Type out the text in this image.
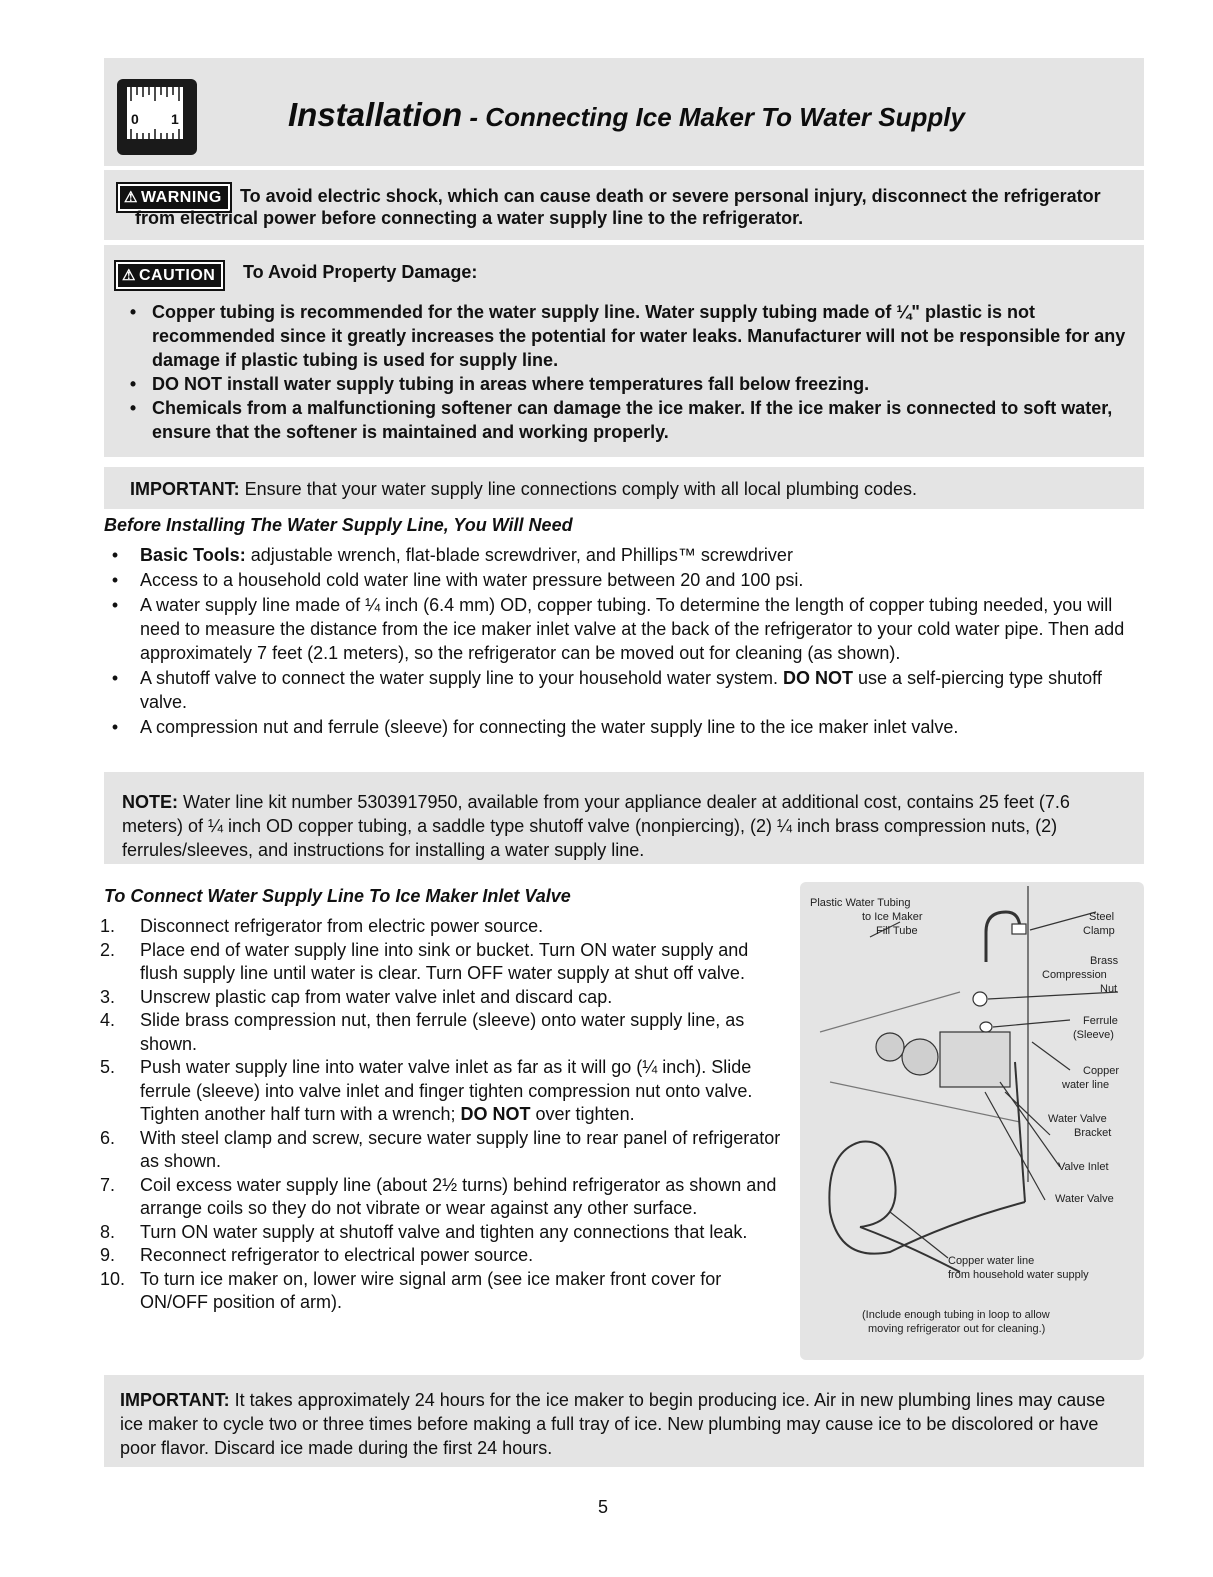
0 1	Installation - Connecting Ice Maker To Water Supply
⚠ WARNING	To avoid electric shock, which can cause death or severe personal injury, disconnect the refrigerator
from electrical power before connecting a water supply line to the refrigerator.
⚠ CAUTION	To Avoid Property Damage:
• Copper tubing is recommended for the water supply line. Water supply tubing made of ¼" plastic is not recommended since it greatly increases the potential for water leaks. Manufacturer will not be responsible for any damage if plastic tubing is used for supply line.
• DO NOT install water supply tubing in areas where temperatures fall below freezing.
• Chemicals from a malfunctioning softener can damage the ice maker. If the ice maker is connected to soft water, ensure that the softener is maintained and working properly.
IMPORTANT: Ensure that your water supply line connections comply with all local plumbing codes.
Before Installing The Water Supply Line, You Will Need
•	Basic Tools: adjustable wrench, flat-blade screwdriver, and Phillips™ screwdriver
•	Access to a household cold water line with water pressure between 20 and 100 psi.
•	A water supply line made of ¼ inch (6.4 mm) OD, copper tubing. To determine the length of copper tubing needed, you will need to measure the distance from the ice maker inlet valve at the back of the refrigerator to your cold water pipe. Then add approximately 7 feet (2.1 meters), so the refrigerator can be moved out for cleaning (as shown).
•	A shutoff valve to connect the water supply line to your household water system. DO NOT use a self-piercing type shutoff valve.
•	A compression nut and ferrule (sleeve) for connecting the water supply line to the ice maker inlet valve.
NOTE: Water line kit number 5303917950, available from your appliance dealer at additional cost, contains 25 feet (7.6 meters) of ¼ inch OD copper tubing, a saddle type shutoff valve (nonpiercing), (2) ¼ inch brass compression nuts, (2) ferrules/sleeves, and instructions for installing a water supply line.
To Connect Water Supply Line To Ice Maker Inlet Valve
1.	Disconnect refrigerator from electric power source.
2.	Place end of water supply line into sink or bucket. Turn ON water supply and flush supply line until water is clear. Turn OFF water supply at shut off valve.
3.	Unscrew plastic cap from water valve inlet and discard cap.
4.	Slide brass compression nut, then ferrule (sleeve) onto water supply line, as shown.
5.	Push water supply line into water valve inlet as far as it will go (¼ inch). Slide ferrule (sleeve) into valve inlet and finger tighten compression nut onto valve. Tighten another half turn with a wrench; DO NOT over tighten.
6.	With steel clamp and screw, secure water supply line to rear panel of refrigerator as shown.
7.	Coil excess water supply line (about 2½ turns) behind refrigerator as shown and arrange coils so they do not vibrate or wear against any other surface.
8.	Turn ON water supply at shutoff valve and tighten any connections that leak.
9.	Reconnect refrigerator to electrical power source.
10. To turn ice maker on, lower wire signal arm (see ice maker front cover for ON/OFF position of arm).
Plastic Water Tubing
to Ice Maker
Fill Tube
Steel
Clamp
Brass
Compression
Nut
Ferrule
(Sleeve)
Copper
water line
Water Valve
Bracket
Valve Inlet
Water Valve
Copper water line
from household water supply
(Include enough tubing in loop to allow
moving refrigerator out for cleaning.)
IMPORTANT: It takes approximately 24 hours for the ice maker to begin producing ice. Air in new plumbing lines may cause ice maker to cycle two or three times before making a full tray of ice. New plumbing may cause ice to be discolored or have poor flavor. Discard ice made during the first 24 hours.
5
